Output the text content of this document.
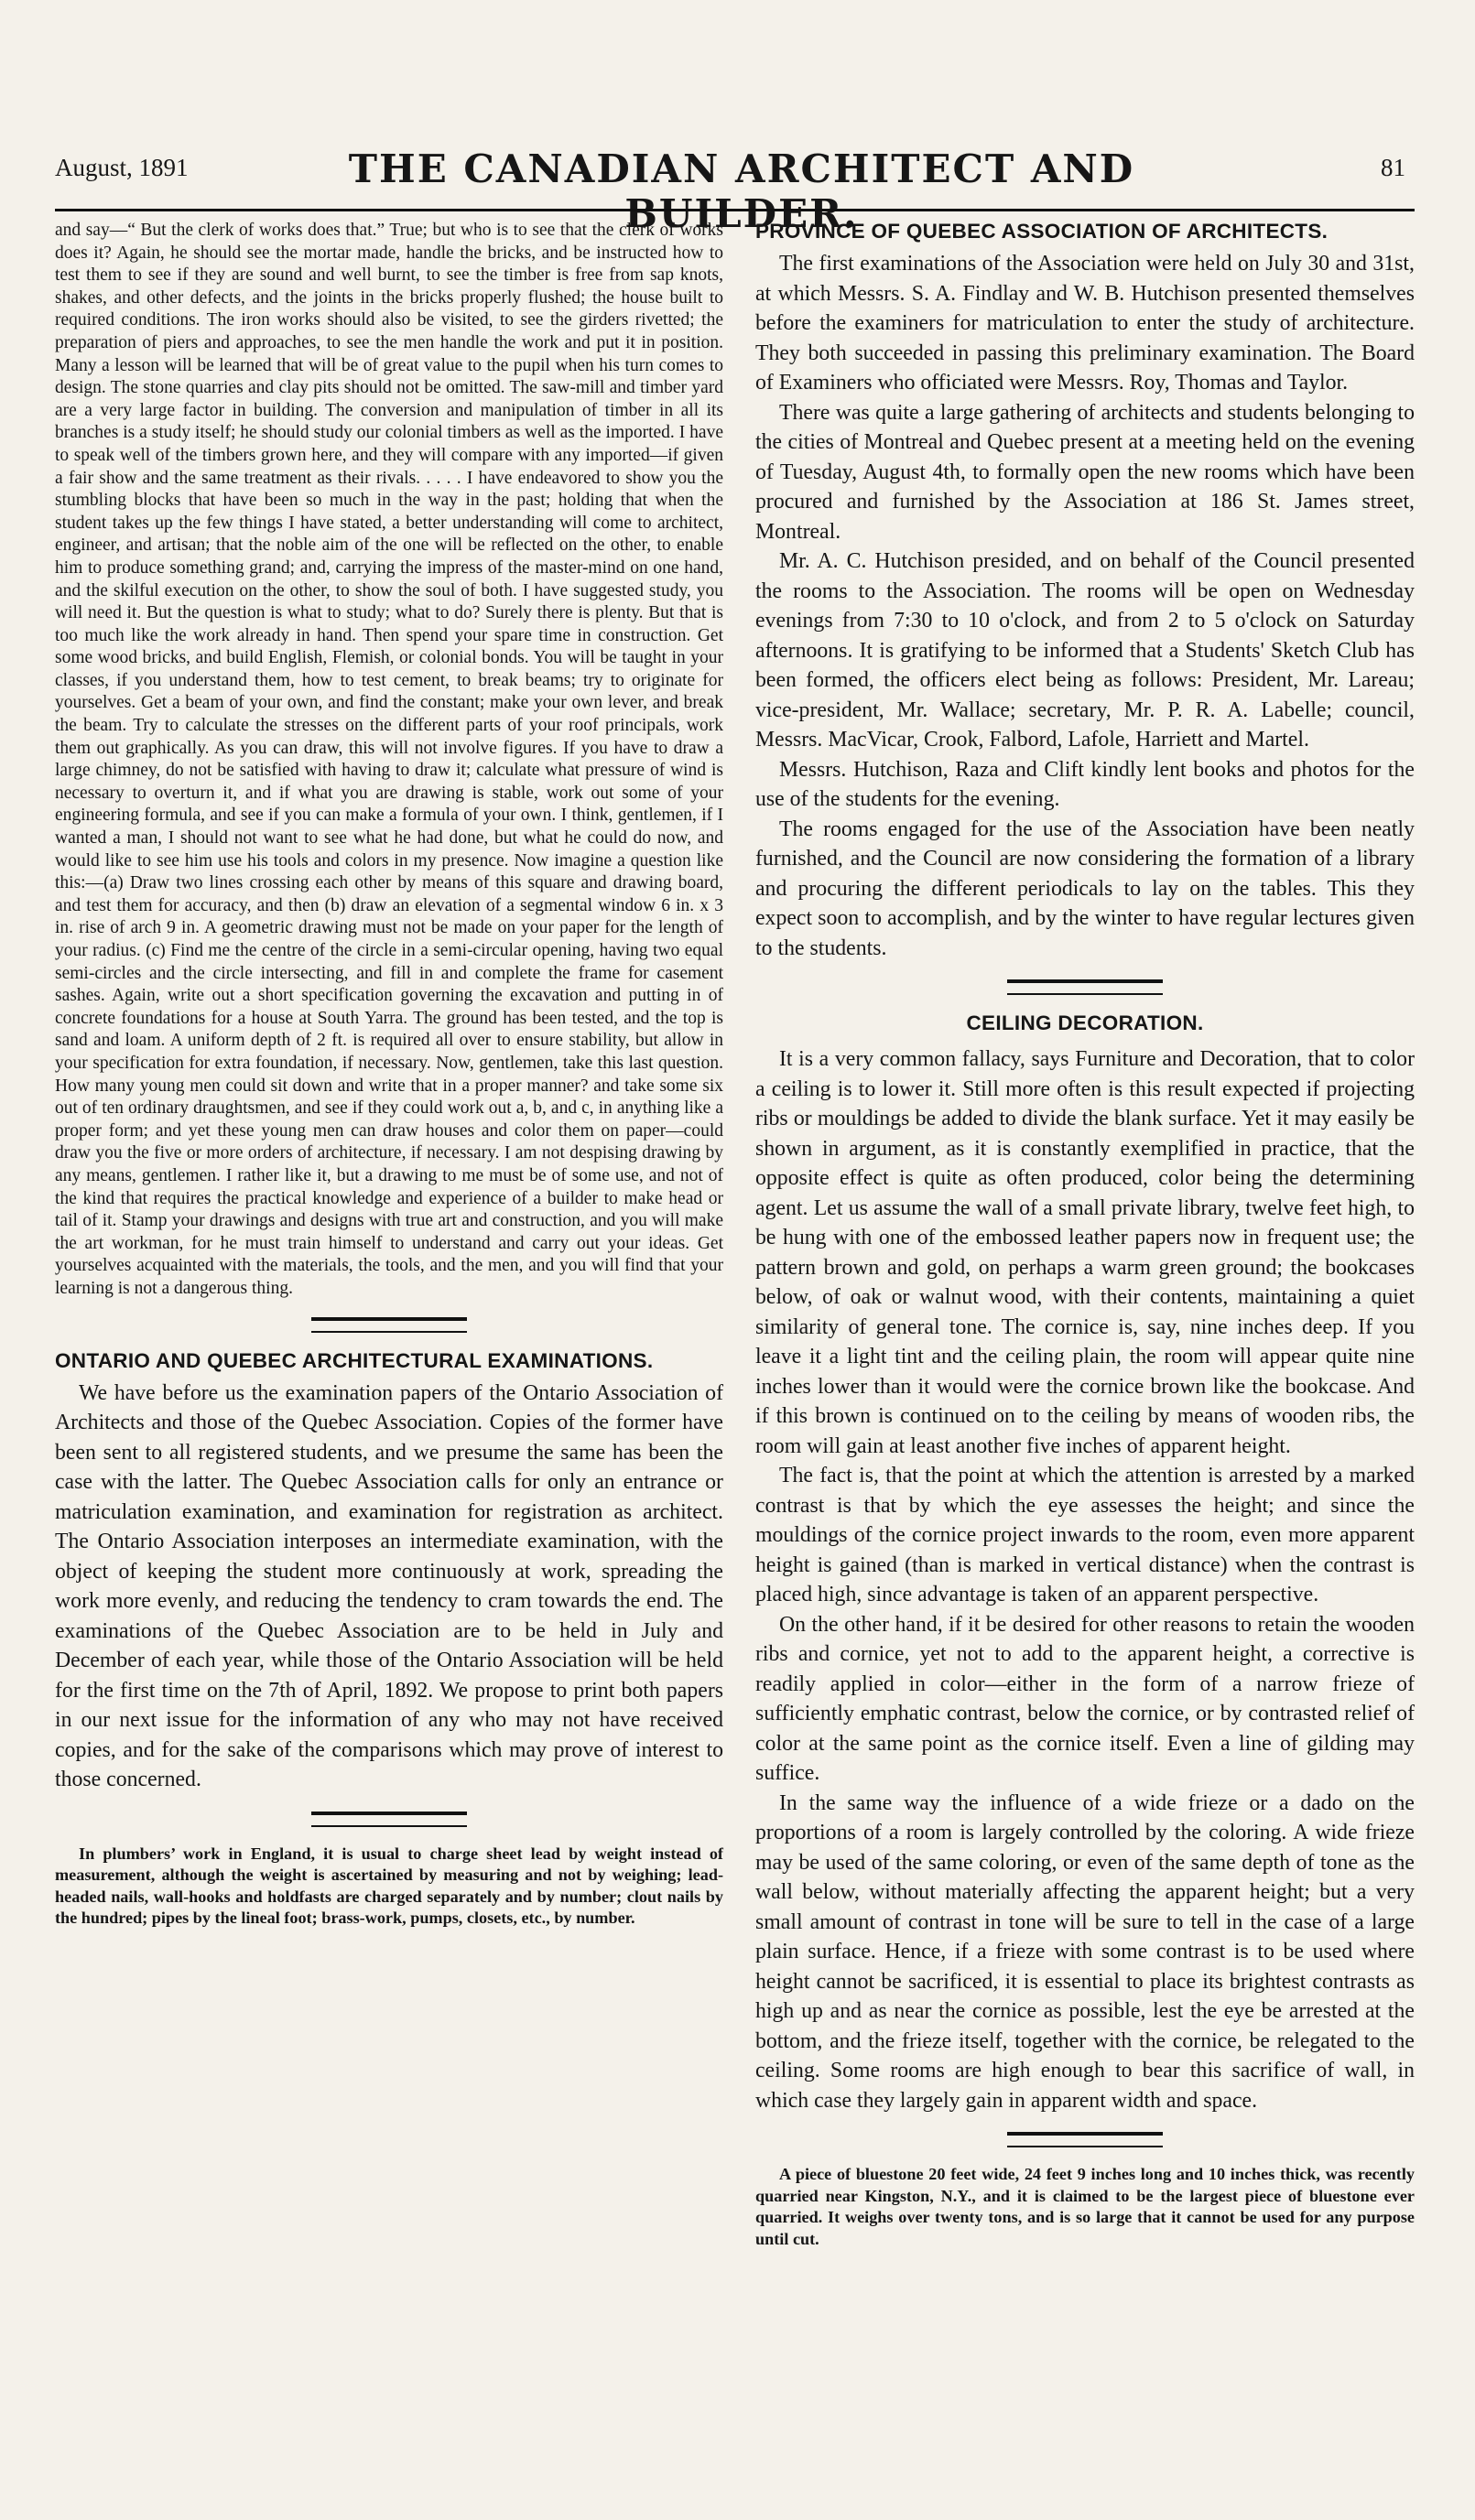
August, 1891	THE CANADIAN ARCHITECT AND BUILDER.
81

and say—“ But the clerk of works does that.” True; but who is to see that the clerk of works does it? Again, he should see the mortar made, handle the bricks, and be instructed how to test them to see if they are sound and well burnt, to see the timber is free from sap knots, shakes, and other defects, and the joints in the bricks properly flushed; the house built to required conditions. The iron works should also be visited, to see the girders rivetted; the preparation of piers and approaches, to see the men handle the work and put it in position. Many a lesson will be learned that will be of great value to the pupil when his turn comes to design. The stone quarries and clay pits should not be omitted. The saw-mill and timber yard are a very large factor in building. The conversion and manipulation of timber in all its branches is a study itself; he should study our colonial timbers as well as the imported. I have to speak well of the timbers grown here, and they will compare with any imported—if given a fair show and the same treatment as their rivals. . . . . I have endeavored to show you the stumbling blocks that have been so much in the way in the past; holding that when the student takes up the few things I have stated, a better understanding will come to architect, engineer, and artisan; that the noble aim of the one will be reflected on the other, to enable him to produce something grand; and, carrying the impress of the master-mind on one hand, and the skilful execution on the other, to show the soul of both. I have suggested study, you will need it. But the question is what to study; what to do? Surely there is plenty. But that is too much like the work already in hand. Then spend your spare time in construction. Get some wood bricks, and build English, Flemish, or colonial bonds. You will be taught in your classes, if you understand them, how to test cement, to break beams; try to originate for yourselves. Get a beam of your own, and find the constant; make your own lever, and break the beam. Try to calculate the stresses on the different parts of your roof principals, work them out graphically. As you can draw, this will not involve figures. If you have to draw a large chimney, do not be satisfied with having to draw it; calculate what pressure of wind is necessary to overturn it, and if what you are drawing is stable, work out some of your engineering formula, and see if you can make a formula of your own. I think, gentlemen, if I wanted a man, I should not want to see what he had done, but what he could do now, and would like to see him use his tools and colors in my presence. Now imagine a question like this:—(a) Draw two lines crossing each other by means of this square and drawing board, and test them for accuracy, and then (b) draw an elevation of a segmental window 6 in. x 3 in. rise of arch 9 in. A geometric drawing must not be made on your paper for the length of your radius. (c) Find me the centre of the circle in a semi-circular opening, having two equal semi-circles and the circle intersecting, and fill in and complete the frame for casement sashes. Again, write out a short specification governing the excavation and putting in of concrete foundations for a house at South Yarra. The ground has been tested, and the top is sand and loam. A uniform depth of 2 ft. is required all over to ensure stability, but allow in your specification for extra foundation, if necessary. Now, gentlemen, take this last question. How many young men could sit down and write that in a proper manner? and take some six out of ten ordinary draughtsmen, and see if they could work out a, b, and c, in anything like a proper form; and yet these young men can draw houses and color them on paper—could draw you the five or more orders of architecture, if necessary. I am not despising drawing by any means, gentlemen. I rather like it, but a drawing to me must be of some use, and not of the kind that requires the practical knowledge and experience of a builder to make head or tail of it. Stamp your drawings and designs with true art and construction, and you will make the art workman, for he must train himself to understand and carry out your ideas. Get yourselves acquainted with the materials, the tools, and the men, and you will find that your learning is not a dangerous thing.

ONTARIO AND QUEBEC ARCHITECTURAL EXAMINATIONS.

We have before us the examination papers of the Ontario Association of Architects and those of the Quebec Association. Copies of the former have been sent to all registered students, and we presume the same has been the case with the latter. The Quebec Association calls for only an entrance or matriculation examination, and examination for registration as architect. The Ontario Association interposes an intermediate examination, with the object of keeping the student more continuously at work, spreading the work more evenly, and reducing the tendency to cram towards the end. The examinations of the Quebec Association are to be held in July and December of each year, while those of the Ontario Association will be held for the first time on the 7th of April, 1892. We propose to print both papers in our next issue for the information of any who may not have received copies, and for the sake of the comparisons which may prove of interest to those concerned.

In plumbers’ work in England, it is usual to charge sheet lead by weight instead of measurement, although the weight is ascertained by measuring and not by weighing; lead-headed nails, wall-hooks and holdfasts are charged separately and by number; clout nails by the hundred; pipes by the lineal foot; brass-work, pumps, closets, etc., by number.

PROVINCE OF QUEBEC ASSOCIATION OF ARCHITECTS.

The first examinations of the Association were held on July 30 and 31st, at which Messrs. S. A. Findlay and W. B. Hutchison presented themselves before the examiners for matriculation to enter the study of architecture. They both succeeded in passing this preliminary examination. The Board of Examiners who officiated were Messrs. Roy, Thomas and Taylor.

There was quite a large gathering of architects and students belonging to the cities of Montreal and Quebec present at a meeting held on the evening of Tuesday, August 4th, to formally open the new rooms which have been procured and furnished by the Association at 186 St. James street, Montreal.

Mr. A. C. Hutchison presided, and on behalf of the Council presented the rooms to the Association. The rooms will be open on Wednesday evenings from 7:30 to 10 o'clock, and from 2 to 5 o'clock on Saturday afternoons. It is gratifying to be informed that a Students' Sketch Club has been formed, the officers elect being as follows: President, Mr. Lareau; vice-president, Mr. Wallace; secretary, Mr. P. R. A. Labelle; council, Messrs. MacVicar, Crook, Falbord, Lafole, Harriett and Martel.

Messrs. Hutchison, Raza and Clift kindly lent books and photos for the use of the students for the evening.

The rooms engaged for the use of the Association have been neatly furnished, and the Council are now considering the formation of a library and procuring the different periodicals to lay on the tables. This they expect soon to accomplish, and by the winter to have regular lectures given to the students.

CEILING DECORATION.

It is a very common fallacy, says Furniture and Decoration, that to color a ceiling is to lower it. Still more often is this result expected if projecting ribs or mouldings be added to divide the blank surface. Yet it may easily be shown in argument, as it is constantly exemplified in practice, that the opposite effect is quite as often produced, color being the determining agent. Let us assume the wall of a small private library, twelve feet high, to be hung with one of the embossed leather papers now in frequent use; the pattern brown and gold, on perhaps a warm green ground; the bookcases below, of oak or walnut wood, with their contents, maintaining a quiet similarity of general tone. The cornice is, say, nine inches deep. If you leave it a light tint and the ceiling plain, the room will appear quite nine inches lower than it would were the cornice brown like the bookcase. And if this brown is continued on to the ceiling by means of wooden ribs, the room will gain at least another five inches of apparent height.

The fact is, that the point at which the attention is arrested by a marked contrast is that by which the eye assesses the height; and since the mouldings of the cornice project inwards to the room, even more apparent height is gained (than is marked in vertical distance) when the contrast is placed high, since advantage is taken of an apparent perspective.

On the other hand, if it be desired for other reasons to retain the wooden ribs and cornice, yet not to add to the apparent height, a corrective is readily applied in color—either in the form of a narrow frieze of sufficiently emphatic contrast, below the cornice, or by contrasted relief of color at the same point as the cornice itself. Even a line of gilding may suffice.

In the same way the influence of a wide frieze or a dado on the proportions of a room is largely controlled by the coloring. A wide frieze may be used of the same coloring, or even of the same depth of tone as the wall below, without materially affecting the apparent height; but a very small amount of contrast in tone will be sure to tell in the case of a large plain surface. Hence, if a frieze with some contrast is to be used where height cannot be sacrificed, it is essential to place its brightest contrasts as high up and as near the cornice as possible, lest the eye be arrested at the bottom, and the frieze itself, together with the cornice, be relegated to the ceiling. Some rooms are high enough to bear this sacrifice of wall, in which case they largely gain in apparent width and space.

A piece of bluestone 20 feet wide, 24 feet 9 inches long and 10 inches thick, was recently quarried near Kingston, N.Y., and it is claimed to be the largest piece of bluestone ever quarried. It weighs over twenty tons, and is so large that it cannot be used for any purpose until cut.
